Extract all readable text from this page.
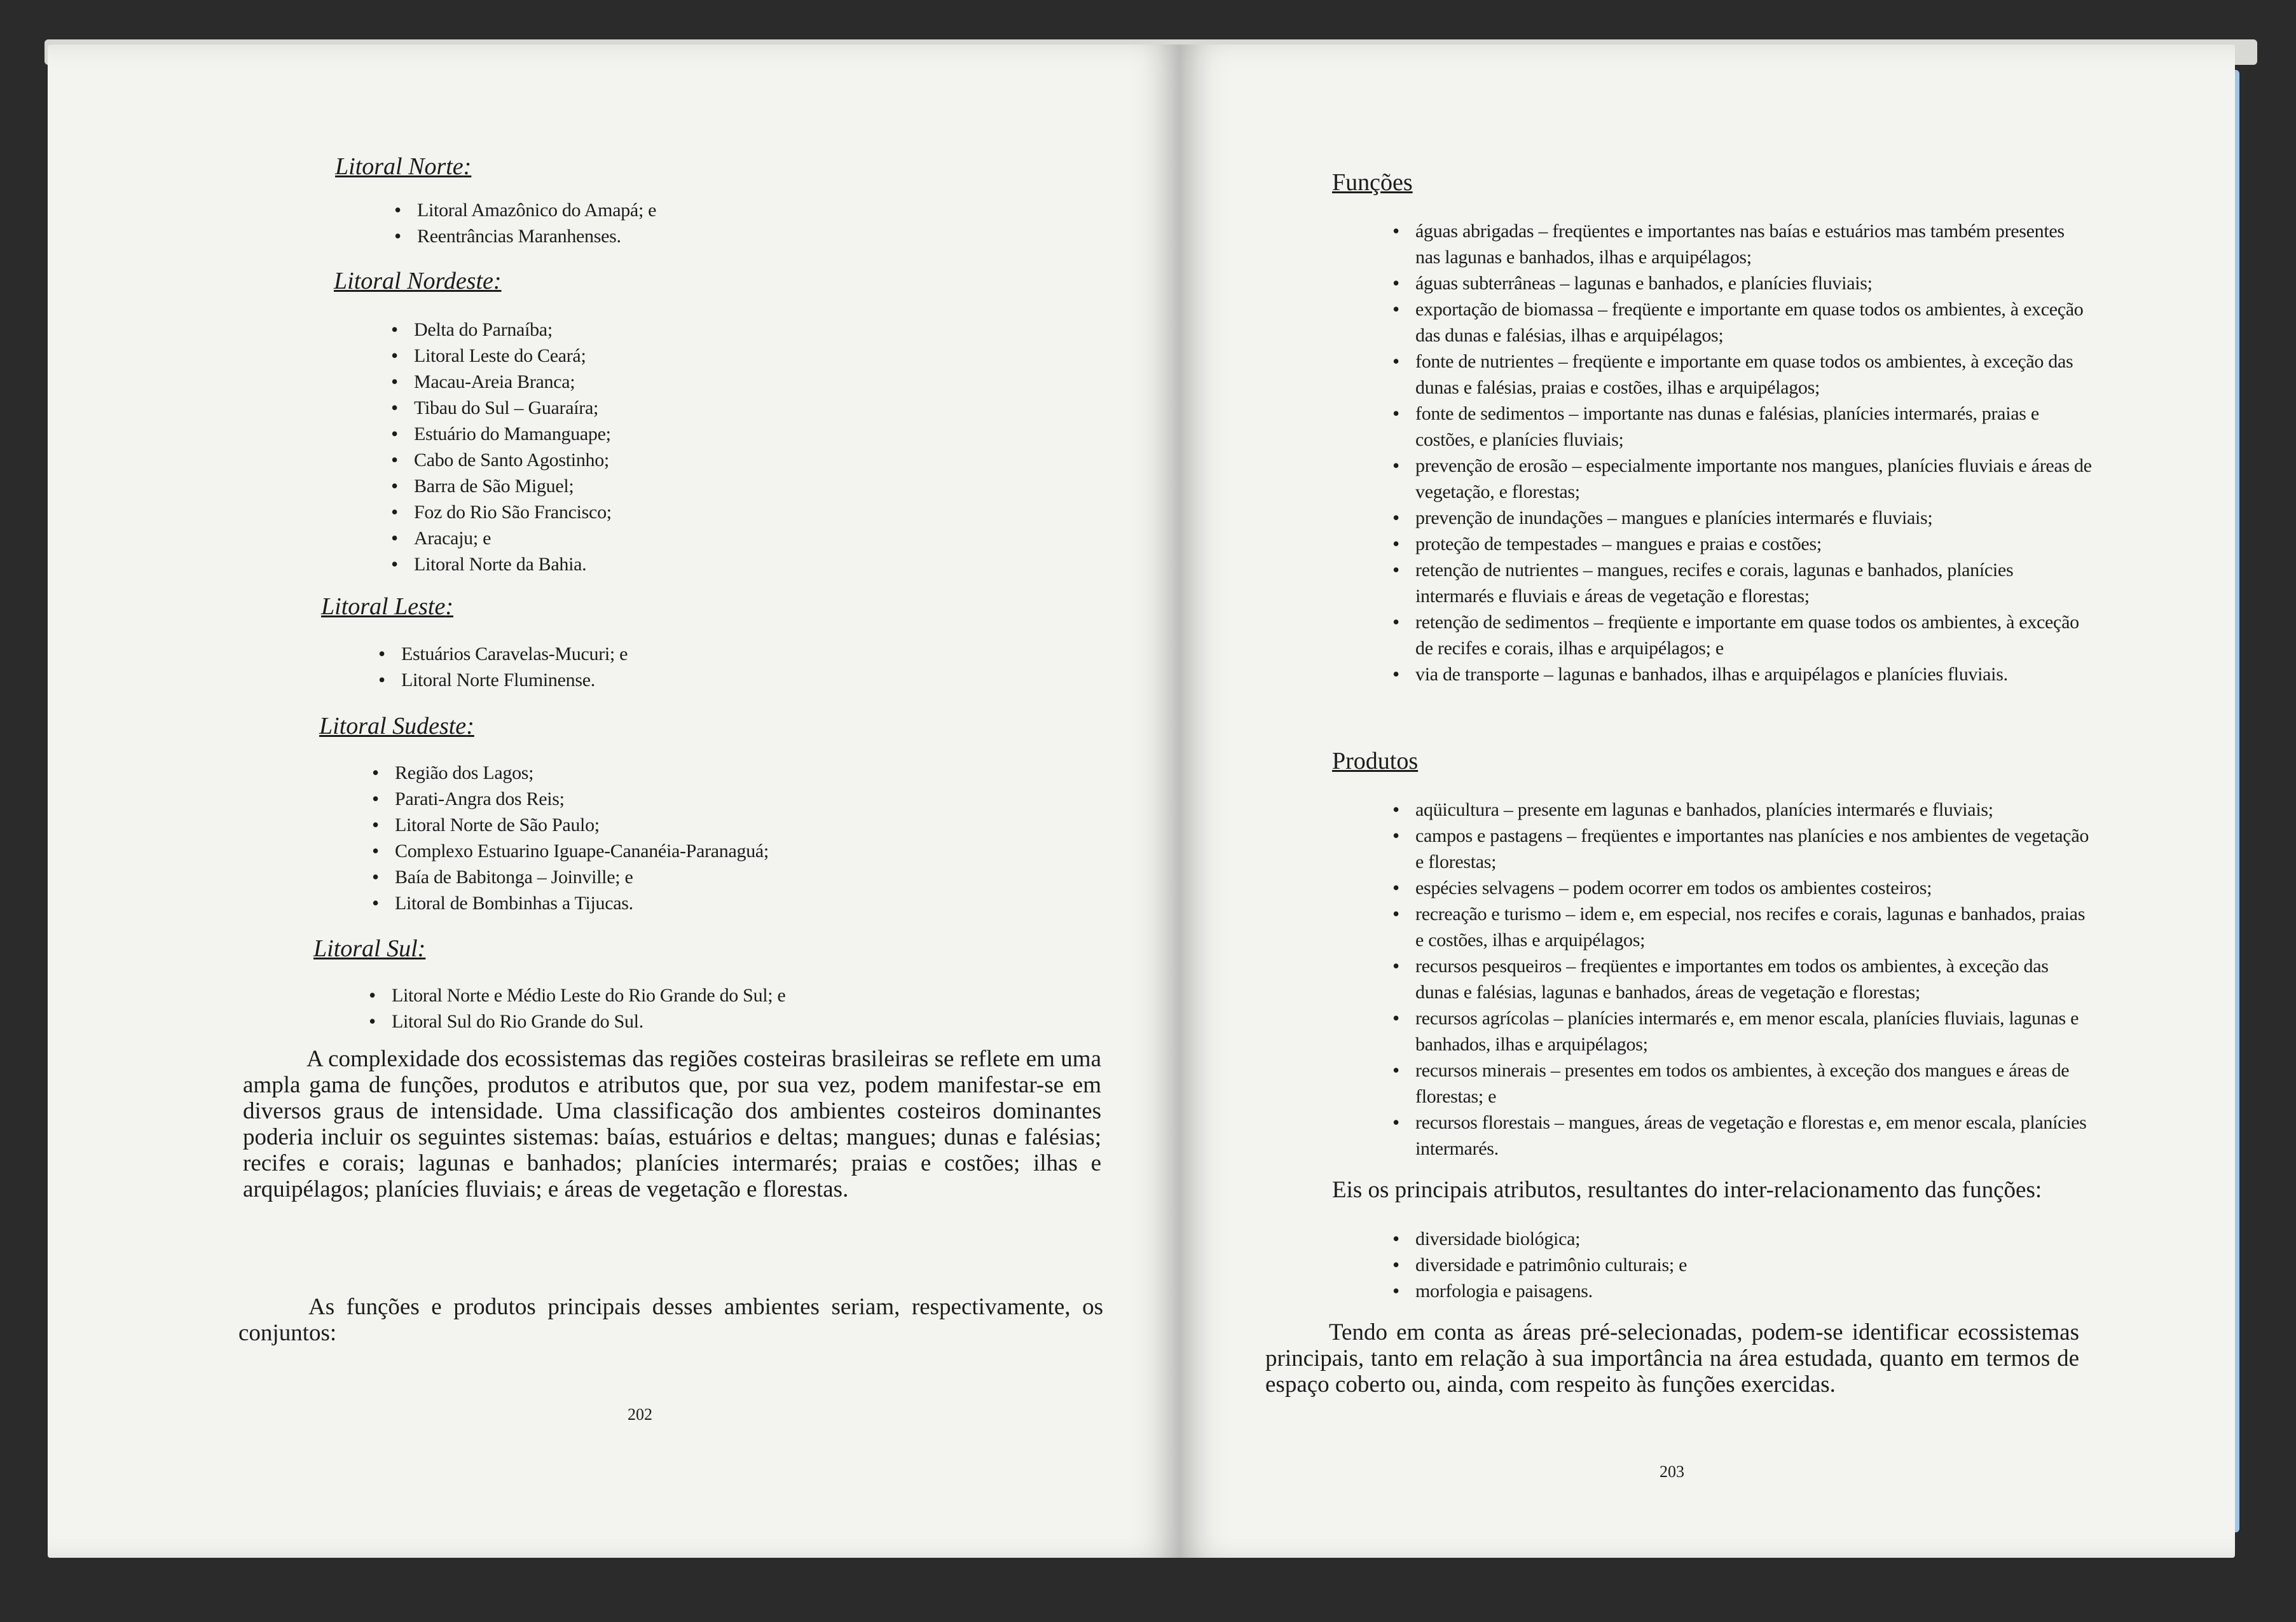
Litoral Norte:
• Litoral Amazônico do Amapá; e
• Reentrâncias Maranhenses.
Litoral Nordeste:
• Delta do Parnaíba;
• Litoral Leste do Ceará;
• Macau-Areia Branca;
• Tibau do Sul – Guaraíra;
• Estuário do Mamanguape;
• Cabo de Santo Agostinho;
• Barra de São Miguel;
• Foz do Rio São Francisco;
• Aracaju; e
• Litoral Norte da Bahia.
Litoral Leste:
• Estuários Caravelas-Mucuri; e
• Litoral Norte Fluminense.
Litoral Sudeste:
• Região dos Lagos;
• Parati-Angra dos Reis;
• Litoral Norte de São Paulo;
• Complexo Estuarino Iguape-Cananéia-Paranaguá;
• Baía de Babitonga – Joinville; e
• Litoral de Bombinhas a Tijucas.
Litoral Sul:
• Litoral Norte e Médio Leste do Rio Grande do Sul; e
• Litoral Sul do Rio Grande do Sul.

A complexidade dos ecossistemas das regiões costeiras brasileiras se reflete em uma ampla gama de funções, produtos e atributos que, por sua vez, podem manifestar-se em diversos graus de intensidade. Uma classificação dos ambientes costeiros dominantes poderia incluir os seguintes sistemas: baías, estuários e deltas; mangues; dunas e falésias; recifes e corais; lagunas e banhados; planícies intermarés; praias e costões; ilhas e arquipélagos; planícies fluviais; e áreas de vegetação e florestas.

As funções e produtos principais desses ambientes seriam, respectivamente, os conjuntos:

202
Funções
• águas abrigadas – freqüentes e importantes nas baías e estuários mas também presentes nas lagunas e banhados, ilhas e arquipélagos;
• águas subterrâneas – lagunas e banhados, e planícies fluviais;
• exportação de biomassa – freqüente e importante em quase todos os ambientes, à exceção das dunas e falésias, ilhas e arquipélagos;
• fonte de nutrientes – freqüente e importante em quase todos os ambientes, à exceção das dunas e falésias, praias e costões, ilhas e arquipélagos;
• fonte de sedimentos – importante nas dunas e falésias, planícies intermarés, praias e costões, e planícies fluviais;
• prevenção de erosão – especialmente importante nos mangues, planícies fluviais e áreas de vegetação, e florestas;
• prevenção de inundações – mangues e planícies intermarés e fluviais;
• proteção de tempestades – mangues e praias e costões;
• retenção de nutrientes – mangues, recifes e corais, lagunas e banhados, planícies intermarés e fluviais e áreas de vegetação e florestas;
• retenção de sedimentos – freqüente e importante em quase todos os ambientes, à exceção de recifes e corais, ilhas e arquipélagos; e
• via de transporte – lagunas e banhados, ilhas e arquipélagos e planícies fluviais.
Produtos
• aqüicultura – presente em lagunas e banhados, planícies intermarés e fluviais;
• campos e pastagens – freqüentes e importantes nas planícies e nos ambientes de vegetação e florestas;
• espécies selvagens – podem ocorrer em todos os ambientes costeiros;
• recreação e turismo – idem e, em especial, nos recifes e corais, lagunas e banhados, praias e costões, ilhas e arquipélagos;
• recursos pesqueiros – freqüentes e importantes em todos os ambientes, à exceção das dunas e falésias, lagunas e banhados, áreas de vegetação e florestas;
• recursos agrícolas – planícies intermarés e, em menor escala, planícies fluviais, lagunas e banhados, ilhas e arquipélagos;
• recursos minerais – presentes em todos os ambientes, à exceção dos mangues e áreas de florestas; e
• recursos florestais – mangues, áreas de vegetação e florestas e, em menor escala, planícies intermarés.
Eis os principais atributos, resultantes do inter-relacionamento das funções:
• diversidade biológica;
• diversidade e patrimônio culturais; e
• morfologia e paisagens.

Tendo em conta as áreas pré-selecionadas, podem-se identificar ecossistemas principais, tanto em relação à sua importância na área estudada, quanto em termos de espaço coberto ou, ainda, com respeito às funções exercidas.

203
